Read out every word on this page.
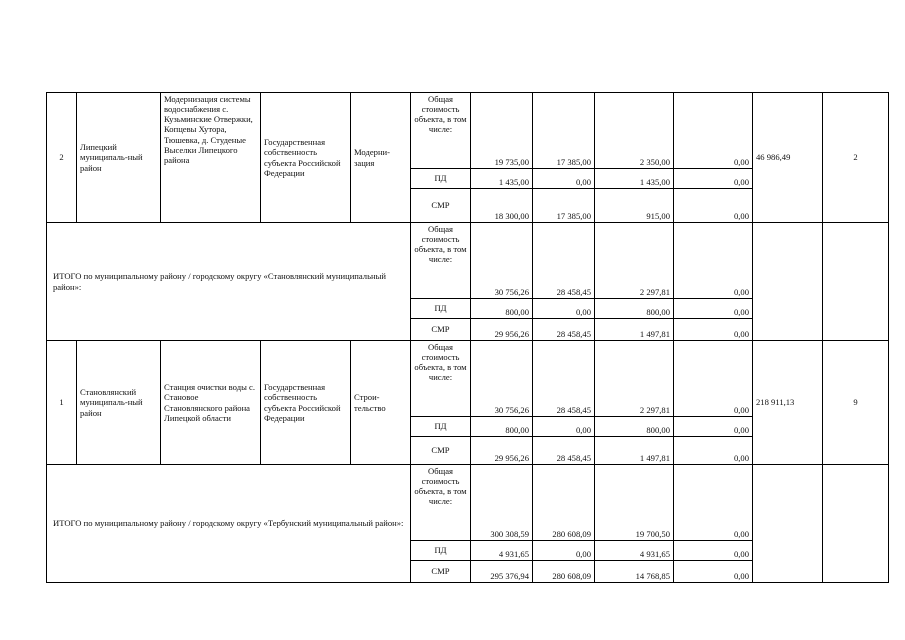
2	Липецкий муниципаль-ный район	Модернизация системы водоснабжения с. Кузьминские Отвержки, Копцевы Хутора, Тюшевка, д. Студеные Выселки Липецкого района	Государственная собственность субъекта Российской Федерации	Модерни-зация	Общая стоимость объекта, в том числе:	19 735,00	17 385,00	2 350,00	0,00	46 986,49	2
					ПД	1 435,00	0,00	1 435,00	0,00		
					СМР	18 300,00	17 385,00	915,00	0,00		
ИТОГО по муниципальному району / городскому округу «Становлянский муниципальный район»:					Общая стоимость объекта, в том числе:	30 756,26	28 458,45	2 297,81	0,00		
					ПД	800,00	0,00	800,00	0,00		
					СМР	29 956,26	28 458,45	1 497,81	0,00		
1	Становлянский муниципаль-ный район	Станция очистки воды с. Становое Становлянского района Липецкой области	Государственная собственность субъекта Российской Федерации	Строи-тельство	Общая стоимость объекта, в том числе:	30 756,26	28 458,45	2 297,81	0,00	218 911,13	9
					ПД	800,00	0,00	800,00	0,00		
					СМР	29 956,26	28 458,45	1 497,81	0,00		
ИТОГО по муниципальному району / городскому округу «Тербунский муниципальный район»:					Общая стоимость объекта, в том числе:	300 308,59	280 608,09	19 700,50	0,00		
					ПД	4 931,65	0,00	4 931,65	0,00		
					СМР	295 376,94	280 608,09	14 768,85	0,00		
